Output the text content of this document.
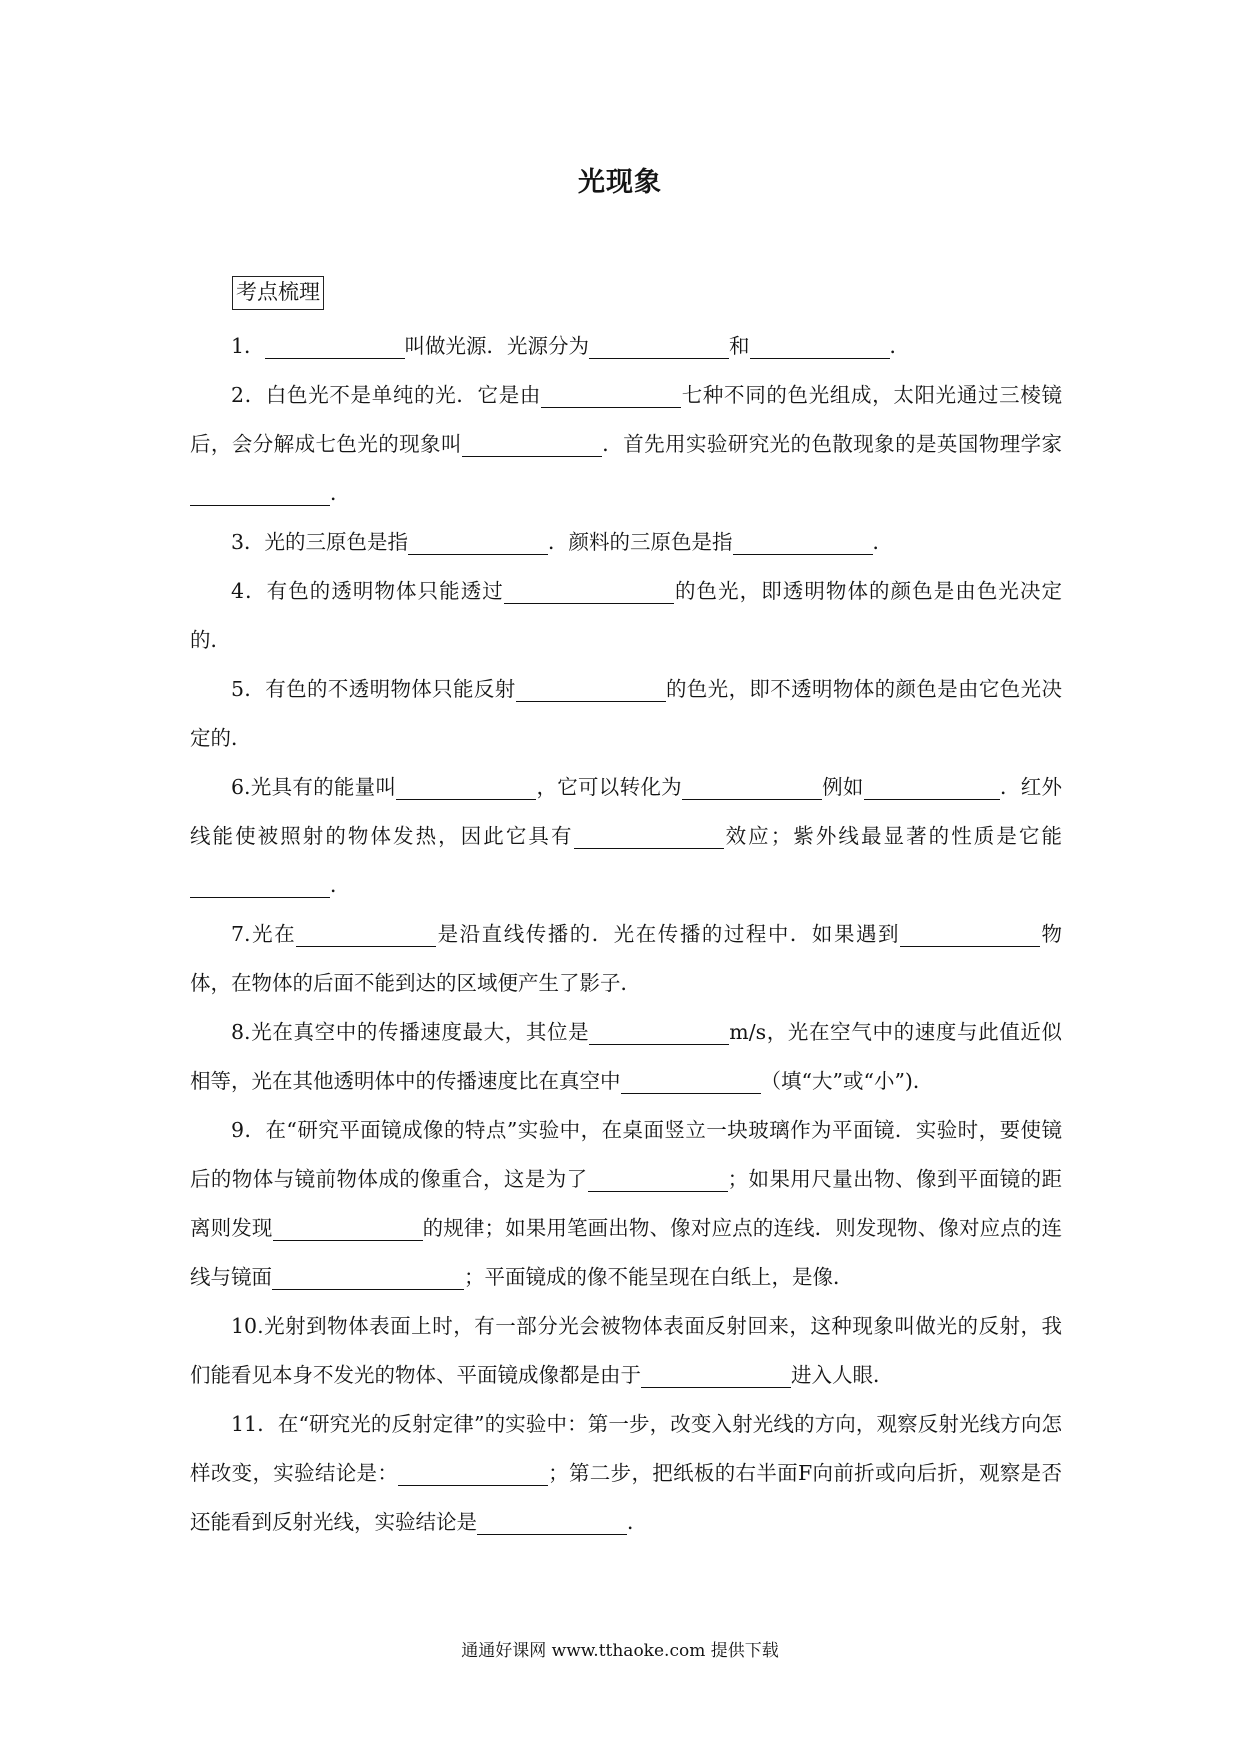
光现象
考点梳理

1．	叫做光源．光源分为	和	．

2．白色光不是单纯的光．它是由	七种不同的色光组成，太阳光通过三棱镜后，会分解成七色光的现象叫	．首先用实验研究光的色散现象的是英国物理学家．

3．光的三原色是指	．颜料的三原色是指	．

4．有色的透明物体只能透过	的色光，即透明物体的颜色是由色光决定的．

5．有色的不透明物体只能反射	的色光，即不透明物体的颜色是由它色光决定的．

6.光具有的能量叫	，它可以转化为	例如	．红外线能使被照射的物体发热，因此它具有	效应；紫外线最显著的性质是它能．

7.光在	是沿直线传播的．光在传播的过程中．如果遇到	物体，在物体的后面不能到达的区域便产生了影子．

8.光在真空中的传播速度最大，其位是	m/s，光在空气中的速度与此值近似相等，光在其他透明体中的传播速度比在真空中	（填“大”或“小”)．

9．在“研究平面镜成像的特点”实验中，在桌面竖立一块玻璃作为平面镜．实验时，要使镜后的物体与镜前物体成的像重合，这是为了	；如果用尺量出物、像到平面镜的距离则发现	的规律；如果用笔画出物、像对应点的连线．则发现物、像对应点的连线与镜面	；平面镜成的像不能呈现在白纸上，是像．

10.光射到物体表面上时，有一部分光会被物体表面反射回来，这种现象叫做光的反射，我们能看见本身不发光的物体、平面镜成像都是由于	进入人眼．

11．在“研究光的反射定律”的实验中：第一步，改变入射光线的方向，观察反射光线方向怎样改变，实验结论是：	；第二步，把纸板的右半面F向前折或向后折，观察是否还能看到反射光线，实验结论是	．

通通好课网 www.tthaoke.com 提供下载
